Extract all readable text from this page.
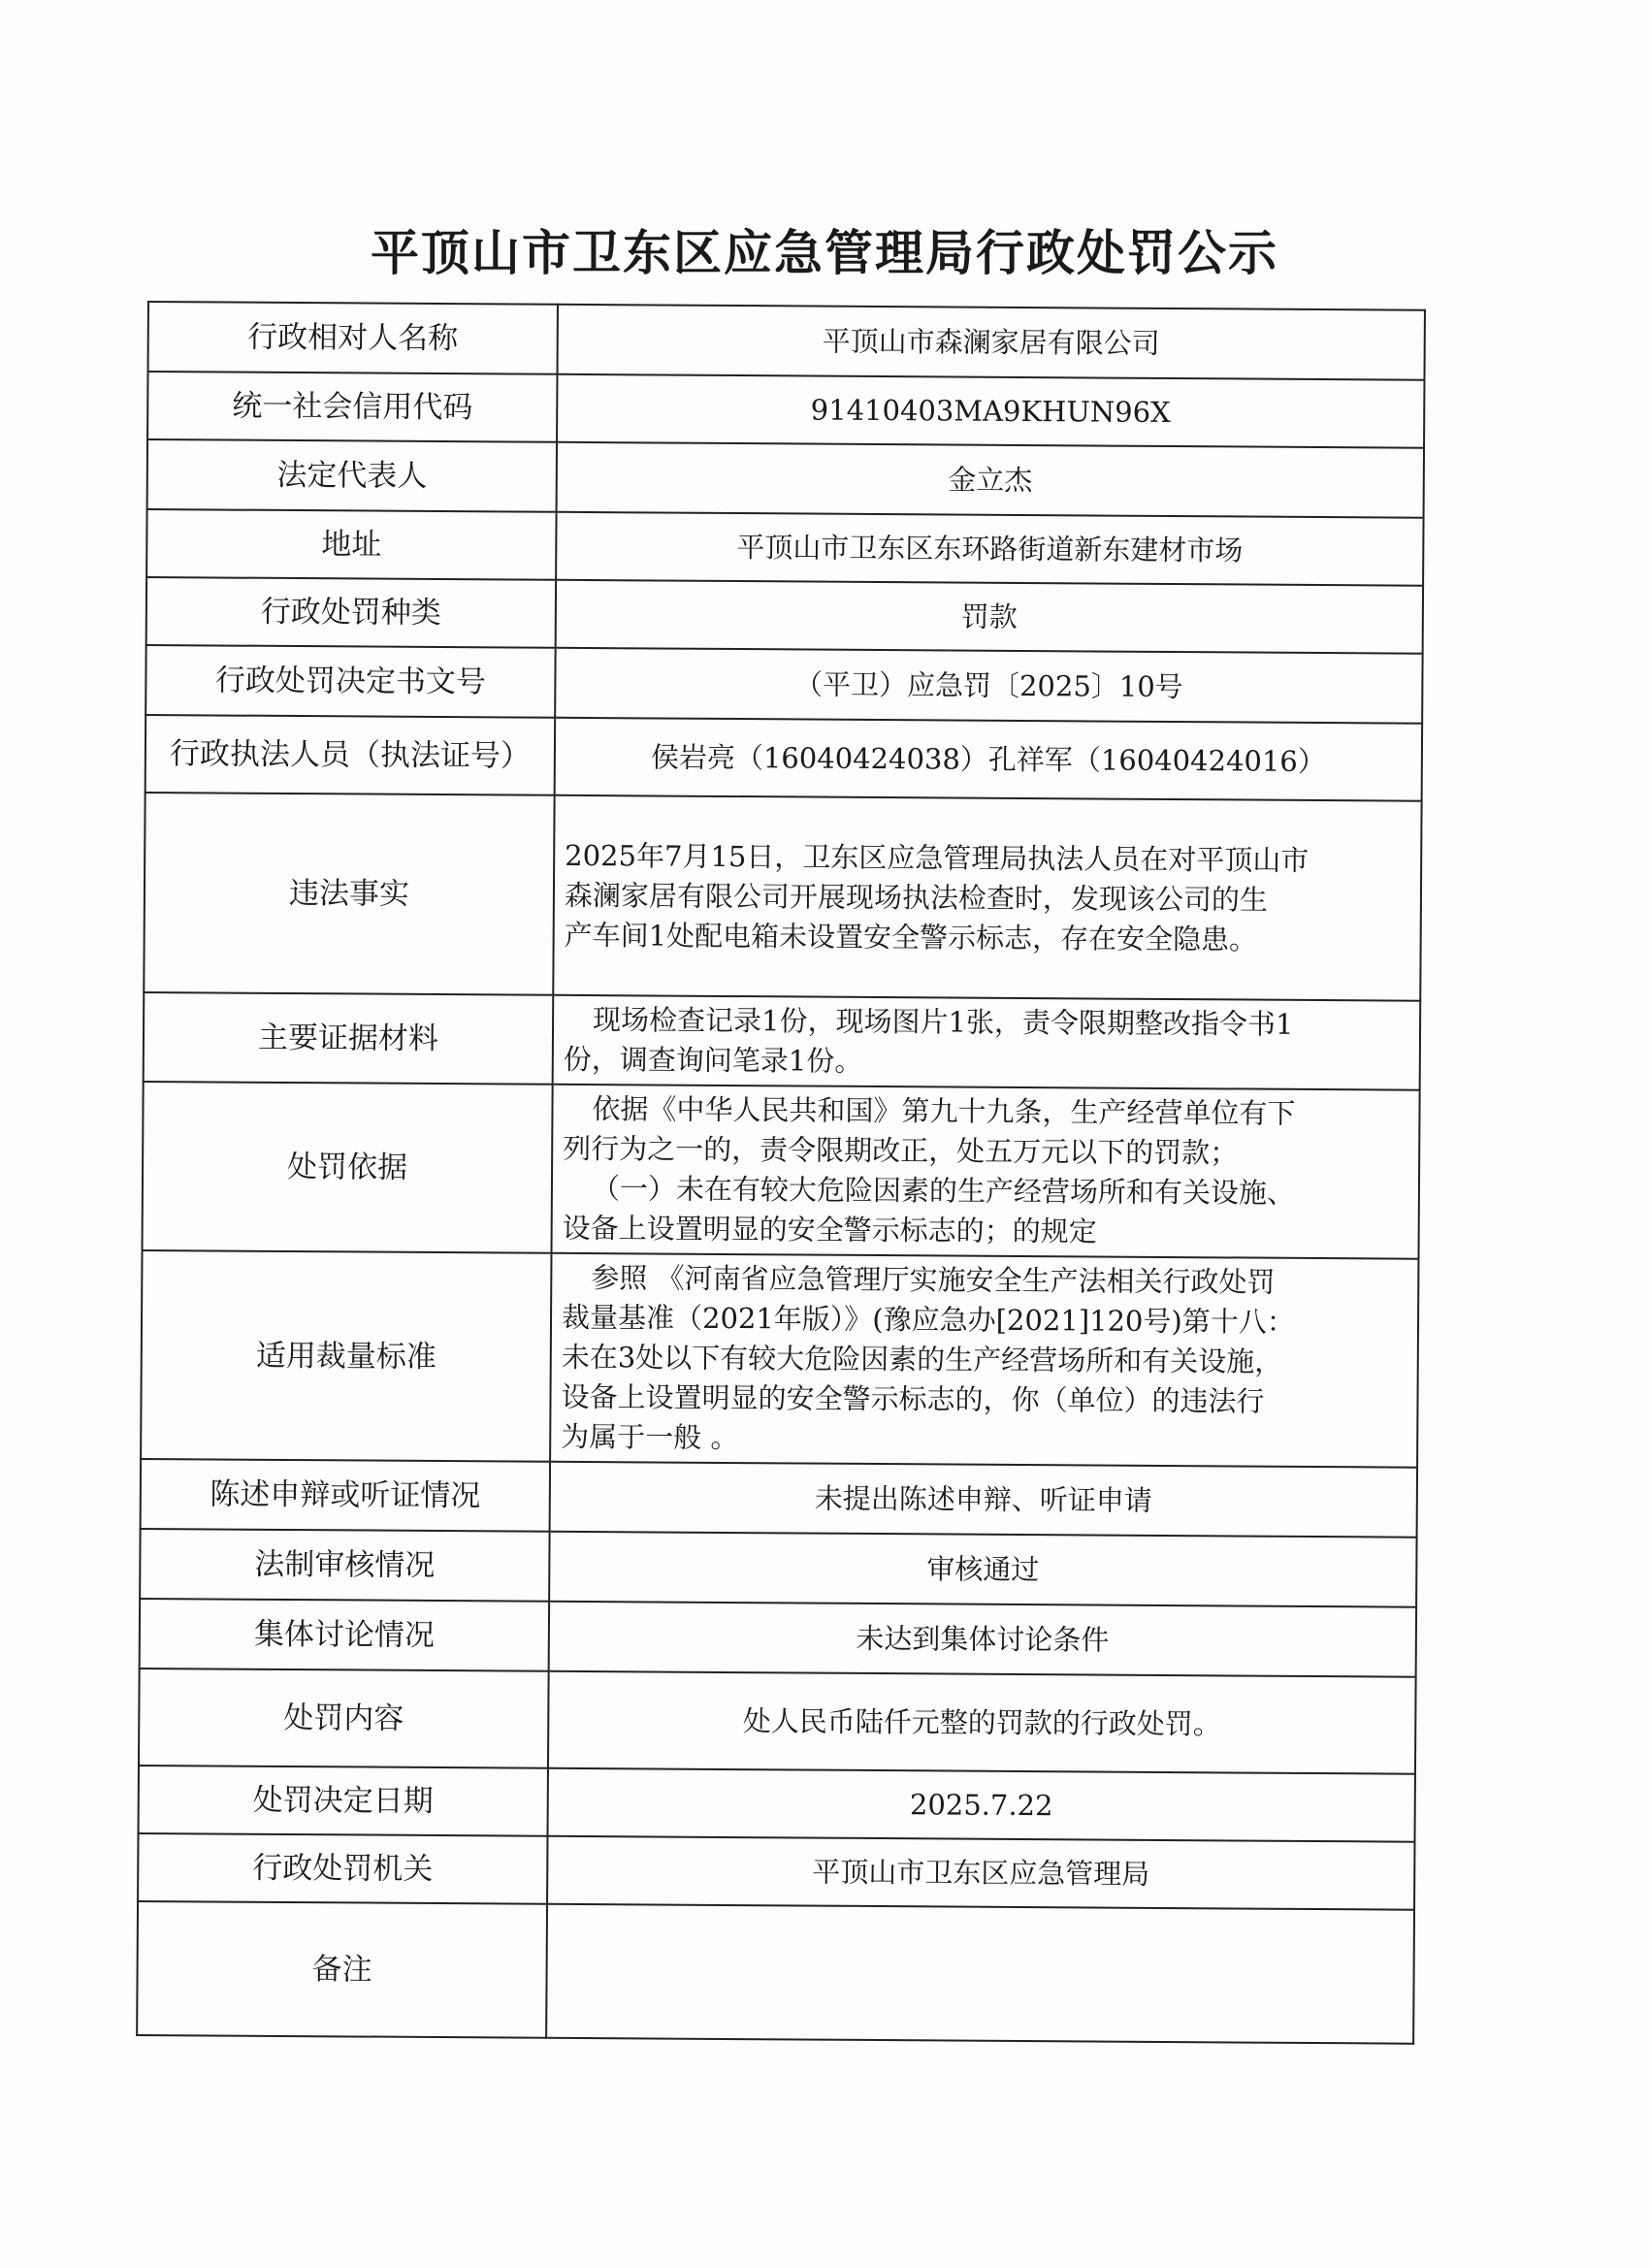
平顶山市卫东区应急管理局行政处罚公示
行政相对人名称	平顶山市森澜家居有限公司
统一社会信用代码	91410403MA9KHUN96X
法定代表人	金立杰
地址	平顶山市卫东区东环路街道新东建材市场
行政处罚种类	罚款
行政处罚决定书文号	（平卫）应急罚〔2025〕10号
行政执法人员（执法证号）	侯岩亮（16040424038）孔祥军（16040424016）
违法事实	2025年7月15日，卫东区应急管理局执法人员在对平顶山市
森澜家居有限公司开展现场执法检查时，发现该公司的生
产车间1处配电箱未设置安全警示标志，存在安全隐患。

主要证据材料	现场检查记录1份，现场图片1张，责令限期整改指令书1
份，调查询问笔录1份。

处罚依据	依据《中华人民共和国》第九十九条，生产经营单位有下
列行为之一的，责令限期改正，处五万元以下的罚款；
（一）未在有较大危险因素的生产经营场所和有关设施、
设备上设置明显的安全警示标志的；的规定

适用裁量标准	参照 《河南省应急管理厅实施安全生产法相关行政处罚
裁量基准（2021年版）》(豫应急办[2021]120号)第十八：
未在3处以下有较大危险因素的生产经营场所和有关设施，
设备上设置明显的安全警示标志的，你（单位）的违法行
为属于一般 。

陈述申辩或听证情况	未提出陈述申辩、听证申请
法制审核情况	审核通过
集体讨论情况	未达到集体讨论条件
处罚内容	处人民币陆仟元整的罚款的行政处罚。
处罚决定日期	2025.7.22
行政处罚机关	平顶山市卫东区应急管理局
备注	
